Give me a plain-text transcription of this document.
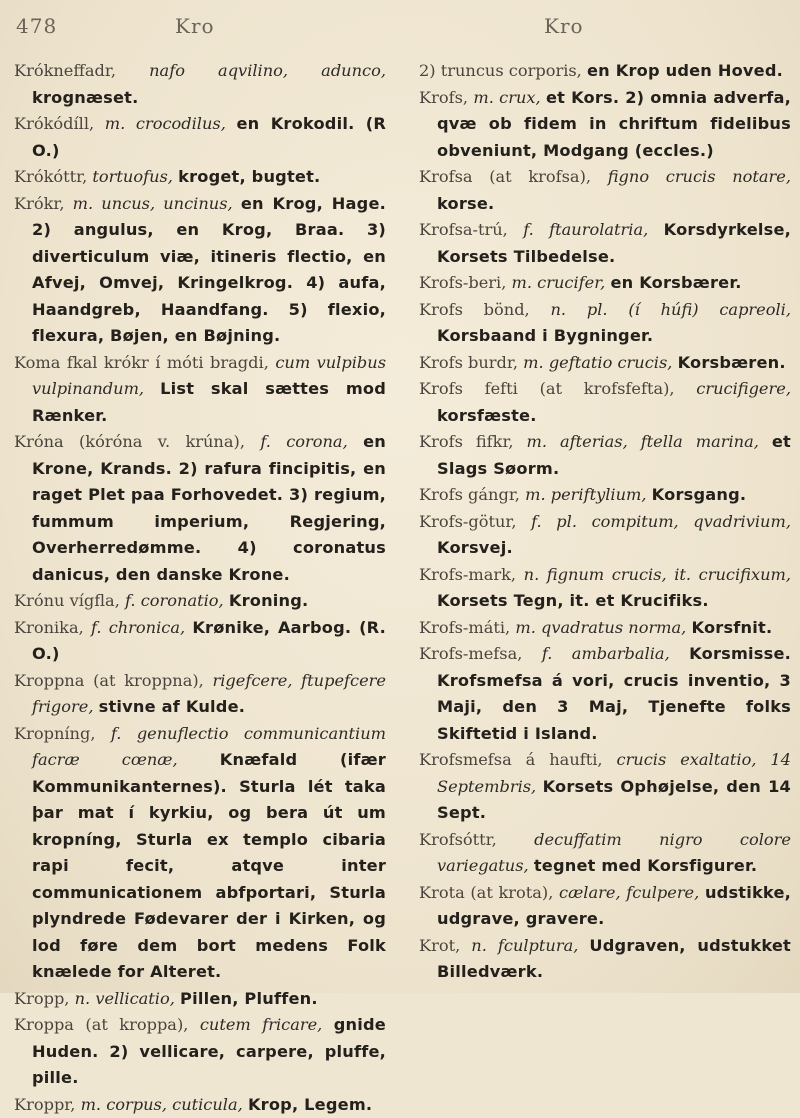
478	Kro	Kro

Krókneffadr, nafo aqvilino, adunco, krognæset.

Krókódíll, m. crocodilus, en Krokodil. (R O.)

Krókóttr, tortuofus, kroget, bugtet.

Krókr, m. uncus, uncinus, en Krog, Hage. 2) angulus, en Krog, Braa. 3) diverticulum viæ, itineris flectio, en Afvej, Omvej, Kringelkrog. 4) aufa, Haandgreb, Haandfang. 5) flexio, flexura, Bøjen, en Bøjning.

Koma fkal krókr í móti bragdi, cum vulpibus vulpinandum, List skal sættes mod Rænker.

Króna (kóróna v. krúna), f. corona, en Krone, Krands. 2) rafura fincipitis, en raget Plet paa Forhovedet. 3) regium, fummum imperium, Regjering, Overherredømme. 4) coronatus danicus, den danske Krone.

Krónu vígfla, f. coronatio, Kroning.

Kronika, f. chronica, Krønike, Aarbog. (R. O.)

Kroppna (at kroppna), rigefcere, ftupefcere frigore, stivne af Kulde.

Kropníng, f. genuflectio communicantium facræ cœnæ,	Knæfald (ifær Kommunikanternes). Sturla lét taka þar mat í kyrkiu, og bera út um kropníng, Sturla ex templo cibaria rapi fecit, atqve inter communicationem abfportari, Sturla plyndrede Fødevarer der i Kirken, og lod føre dem bort medens Folk knælede for Alteret.

Kropp, n. vellicatio, Pillen, Pluffen.

Kroppa (at kroppa), cutem fricare, gnide Huden. 2) vellicare, carpere, pluffe, pille.

Kroppr, m. corpus, cuticula, Krop, Legem.

2) truncus corporis, en Krop uden Hoved.

Krofs, m. crux, et Kors. 2) omnia adverfa, qvæ ob fidem in chriftum fidelibus obveniunt, Modgang (eccles.)

Krofsa (at krofsa), figno crucis notare, korse.

Krofsa-trú, f. ftaurolatria, Korsdyrkelse, Korsets Tilbedelse.

Krofs-beri, m. crucifer, en Korsbærer.

Krofs bönd, n. pl. (í húfi) capreoli, Korsbaand i Bygninger.

Krofs burdr, m. geftatio crucis, Korsbæren.

Krofs fefti (at krofsfefta), crucifigere, korsfæste.

Krofs fifkr, m. afterias, ftella marina, et Slags Søorm.

Krofs gángr, m. periftylium, Korsgang.

Krofs-götur, f. pl. compitum, qvadrivium, Korsvej.

Krofs-mark, n. fignum crucis, it. crucifixum, Korsets Tegn, it. et Krucifiks.

Krofs-máti, m. qvadratus norma, Korsfnit.

Krofs-mefsa, f. ambarbalia, Korsmisse. Krofsmefsa á vori, crucis inventio, 3 Maji, den 3 Maj, Tjenefte folks Skiftetid i Island.

Krofsmefsa á haufti, crucis exaltatio, 14 Septembris, Korsets Ophøjelse, den 14 Sept.

Krofsóttr, decuffatim nigro colore variegatus, tegnet med Korsfigurer.

Krota (at krota), cælare, fculpere, udstikke, udgrave, gravere.

Krot, n. fculptura, Udgraven, udstukket Billedværk.
